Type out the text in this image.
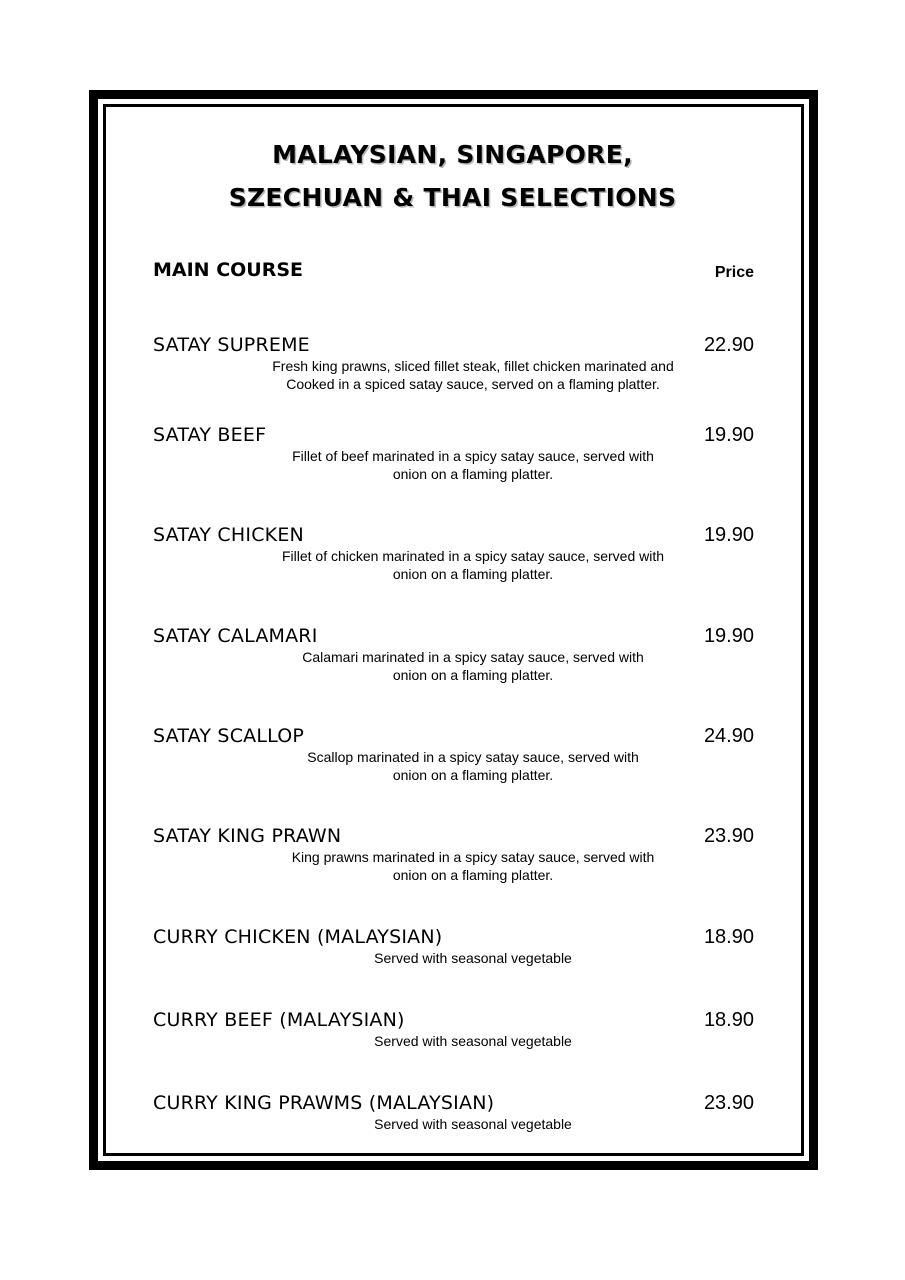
MALAYSIAN, SINGAPORE,
SZECHUAN & THAI SELECTIONS
MAIN COURSE	Price
SATAY SUPREME	22.90
Fresh king prawns, sliced fillet steak, fillet chicken marinated and
Cooked in a spiced satay sauce, served on a flaming platter.
SATAY BEEF	19.90
Fillet of beef marinated in a spicy satay sauce, served with
onion on a flaming platter.
SATAY CHICKEN	19.90
Fillet of chicken marinated in a spicy satay sauce, served with
onion on a flaming platter.
SATAY CALAMARI	19.90
Calamari marinated in a spicy satay sauce, served with
onion on a flaming platter.
SATAY SCALLOP	24.90
Scallop marinated in a spicy satay sauce, served with
onion on a flaming platter.
SATAY KING PRAWN	23.90
King prawns marinated in a spicy satay sauce, served with
onion on a flaming platter.
CURRY CHICKEN (MALAYSIAN)	18.90
Served with seasonal vegetable
CURRY BEEF (MALAYSIAN)	18.90
Served with seasonal vegetable
CURRY KING PRAWMS (MALAYSIAN)	23.90
Served with seasonal vegetable
